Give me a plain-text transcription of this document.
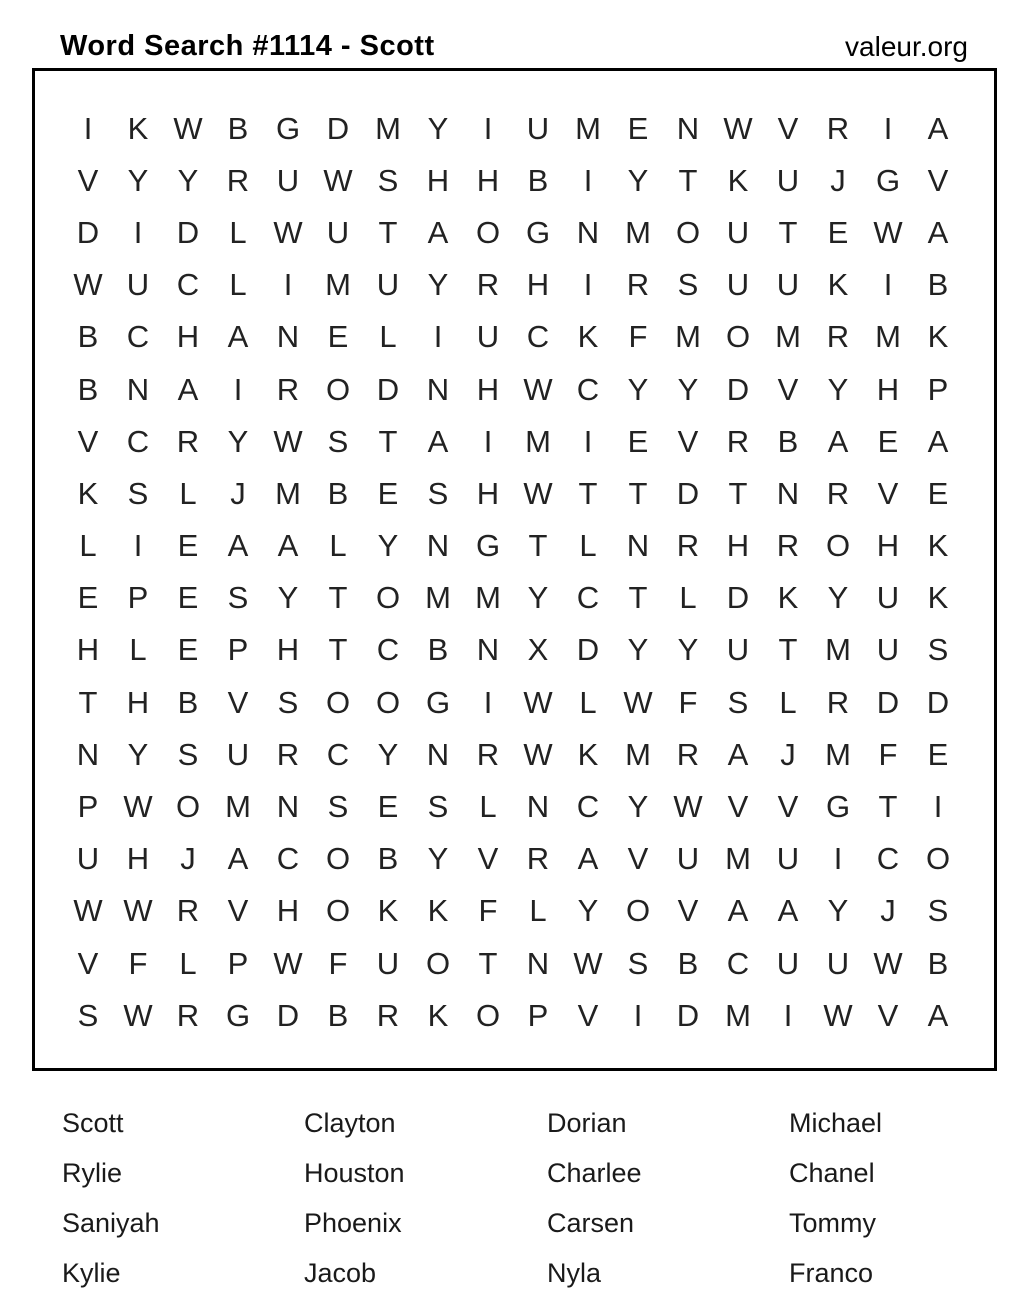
Word Search #1114 - Scott	valeur.org
I	K W B G D M Y	I	U M E N W V R	I	A
V Y Y R U W S H H B	I	Y T K U	J G V
D	I	D L W U T A O G N M O U T E W A
W U C L	I	M U Y R H	I	R S U U K	I	B
B C H A N E	L	I	U C K F M O M R M K
B N A	I	R O D N H W C Y Y D V Y H P
V C R Y W S T A	I	M	I	E V R B A E A
K S	L	J M B E S H W T	T D T N R V E
L	I	E A A	L	Y N G T	L N R H R O H K
E P E S Y T O M M Y C T	L D K Y U K
H L	E P H T C B N X D Y Y U T M U S
T H B V S O O G	I	W L W F S	L R D D
N Y S U R C Y N R W K M R A	J M F E
P W O M N S E S	L N C Y W V V G T	I
U H	J	A C O B Y V R A V U M U	I	C O
W W R V H O K K F	L	Y O V A A Y	J	S
V F	L	P W F U O T N W S B C U U W B
S W R G D B R K O P V	I	D M	I	W V A
Scott	Clayton	Dorian	Michael
Rylie	Houston	Charlee	Chanel
Saniyah	Phoenix	Carsen	Tommy
Kylie	Jacob	Nyla	Franco
